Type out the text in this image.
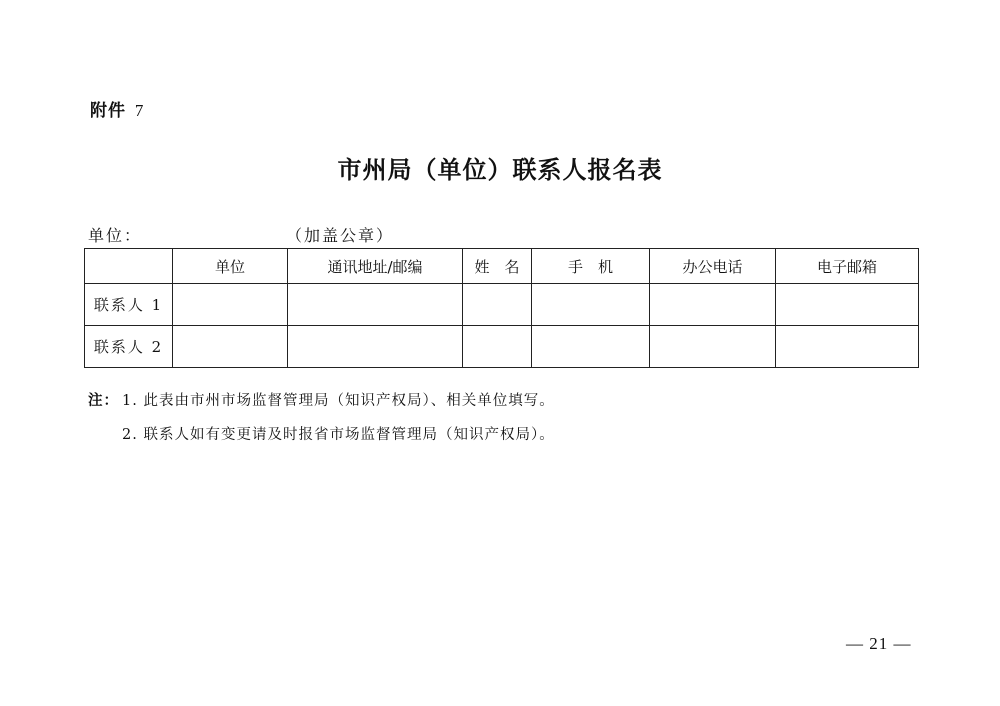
附件 7
市州局（单位）联系人报名表
单位：	（加盖公章）
	单位	通讯地址/邮编	姓　名	手　机	办公电话	电子邮箱
联系人 1						
联系人 2						
注： 1. 此表由市州市场监督管理局（知识产权局）、相关单位填写。
2. 联系人如有变更请及时报省市场监督管理局（知识产权局）。
— 21 —
